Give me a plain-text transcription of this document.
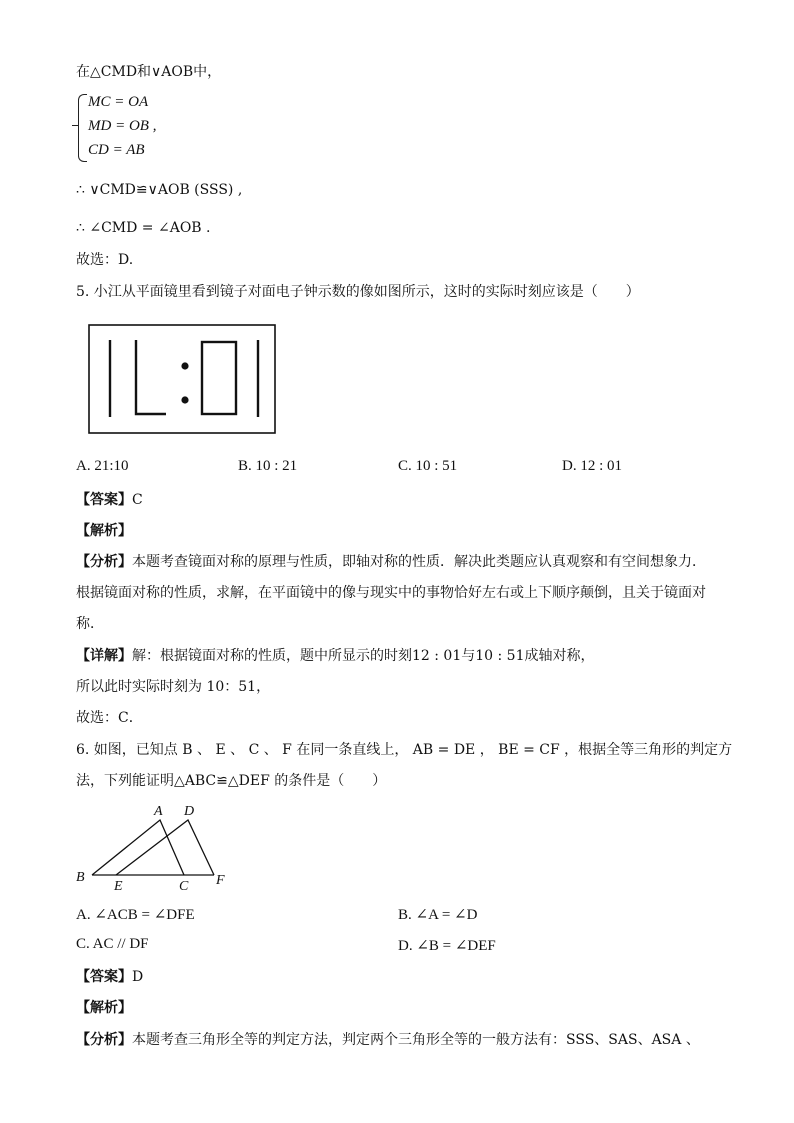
在△CMD和∨AOB中，
MC = OA
MD = OB ,
CD = AB
∴ ∨CMD≌∨AOB (SSS) ,
∴ ∠CMD = ∠AOB .
故选：D.
5. 小江从平面镜里看到镜子对面电子钟示数的像如图所示，这时的实际时刻应该是（　　）
A. 21:10	B. 10 : 21	C. 10 : 51	D. 12 : 01
【答案】C
【解析】
【分析】本题考查镜面对称的原理与性质，即轴对称的性质．解决此类题应认真观察和有空间想象力．
根据镜面对称的性质，求解，在平面镜中的像与现实中的事物恰好左右或上下顺序颠倒，且关于镜面对
称．
【详解】解：根据镜面对称的性质，题中所显示的时刻12 : 01与10 : 51成轴对称，
所以此时实际时刻为 10：51，
故选：C．
6. 如图，已知点 B 、 E 、 C 、 F 在同一条直线上， AB = DE ， BE = CF ，根据全等三角形的判定方
法，下列能证明△ABC≌△DEF 的条件是（　　）
A D
B
E	C F
A. ∠ACB = ∠DFE	B. ∠A = ∠D
C. AC // DF	D. ∠B = ∠DEF
【答案】D
【解析】
【分析】本题考查三角形全等的判定方法，判定两个三角形全等的一般方法有：SSS、SAS、ASA 、
